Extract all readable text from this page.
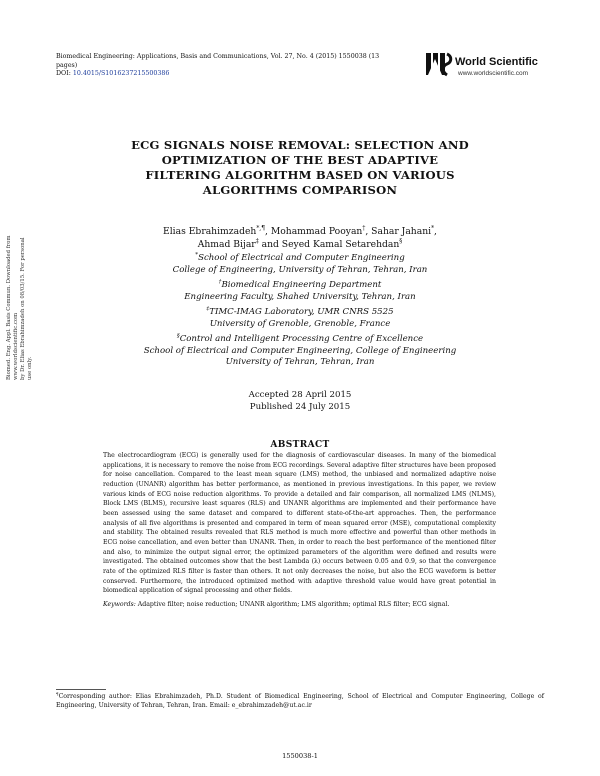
Biomedical Engineering: Applications, Basis and Communications, Vol. 27, No. 4 (2015) 1550038 (13 pages)
DOI: 10.4015/S1016237215500386
World Scientific
www.worldscientific.com
Biomed. Eng. Appl. Basis Commun. Downloaded from www.worldscientific.com by Dr. Elias Ebrahimzadeh on 08/03/15. For personal use only.
ECG SIGNALS NOISE REMOVAL: SELECTION AND
OPTIMIZATION OF THE BEST ADAPTIVE
FILTERING ALGORITHM BASED ON VARIOUS
ALGORITHMS COMPARISON
Elias Ebrahimzadeh*,¶, Mohammad Pooyan†, Sahar Jahani*,
Ahmad Bijar‡ and Seyed Kamal Setarehdan§
*School of Electrical and Computer Engineering
College of Engineering, University of Tehran, Tehran, Iran
†Biomedical Engineering Department
Engineering Faculty, Shahed University, Tehran, Iran
‡TIMC-IMAG Laboratory, UMR CNRS 5525
University of Grenoble, Grenoble, France
§Control and Intelligent Processing Centre of Excellence
School of Electrical and Computer Engineering, College of Engineering
University of Tehran, Tehran, Iran
Accepted 28 April 2015
Published 24 July 2015
ABSTRACT
The electrocardiogram (ECG) is generally used for the diagnosis of cardiovascular diseases. In many of the biomedical applications, it is necessary to remove the noise from ECG recordings. Several adaptive filter structures have been proposed for noise cancellation. Compared to the least mean square (LMS) method, the unbiased and normalized adaptive noise reduction (UNANR) algorithm has better performance, as mentioned in previous investigations. In this paper, we review various kinds of ECG noise reduction algorithms. To provide a detailed and fair comparison, all normalized LMS (NLMS), Block LMS (BLMS), recursive least squares (RLS) and UNANR algorithms are implemented and their performance have been assessed using the same dataset and compared to different state-of-the-art approaches. Then, the performance analysis of all five algorithms is presented and compared in term of mean squared error (MSE), computational complexity and stability. The obtained results revealed that RLS method is much more effective and powerful than other methods in ECG noise cancellation, and even better than UNANR. Then, in order to reach the best performance of the mentioned filter and also, to minimize the output signal error, the optimized parameters of the algorithm were defined and results were investigated. The obtained outcomes show that the best Lambda (λ) occurs between 0.05 and 0.9, so that the convergence rate of the optimized RLS filter is faster than others. It not only decreases the noise, but also the ECG waveform is better conserved. Furthermore, the introduced optimized method with adaptive threshold value would have great potential in biomedical application of signal processing and other fields.
Keywords: Adaptive filter; noise reduction; UNANR algorithm; LMS algorithm; optimal RLS filter; ECG signal.
¶Corresponding author: Elias Ebrahimzadeh, Ph.D. Student of Biomedical Engineering, School of Electrical and Computer Engineering, College of Engineering, University of Tehran, Tehran, Iran. Email: e_ebrahimzadeh@ut.ac.ir
1550038-1
